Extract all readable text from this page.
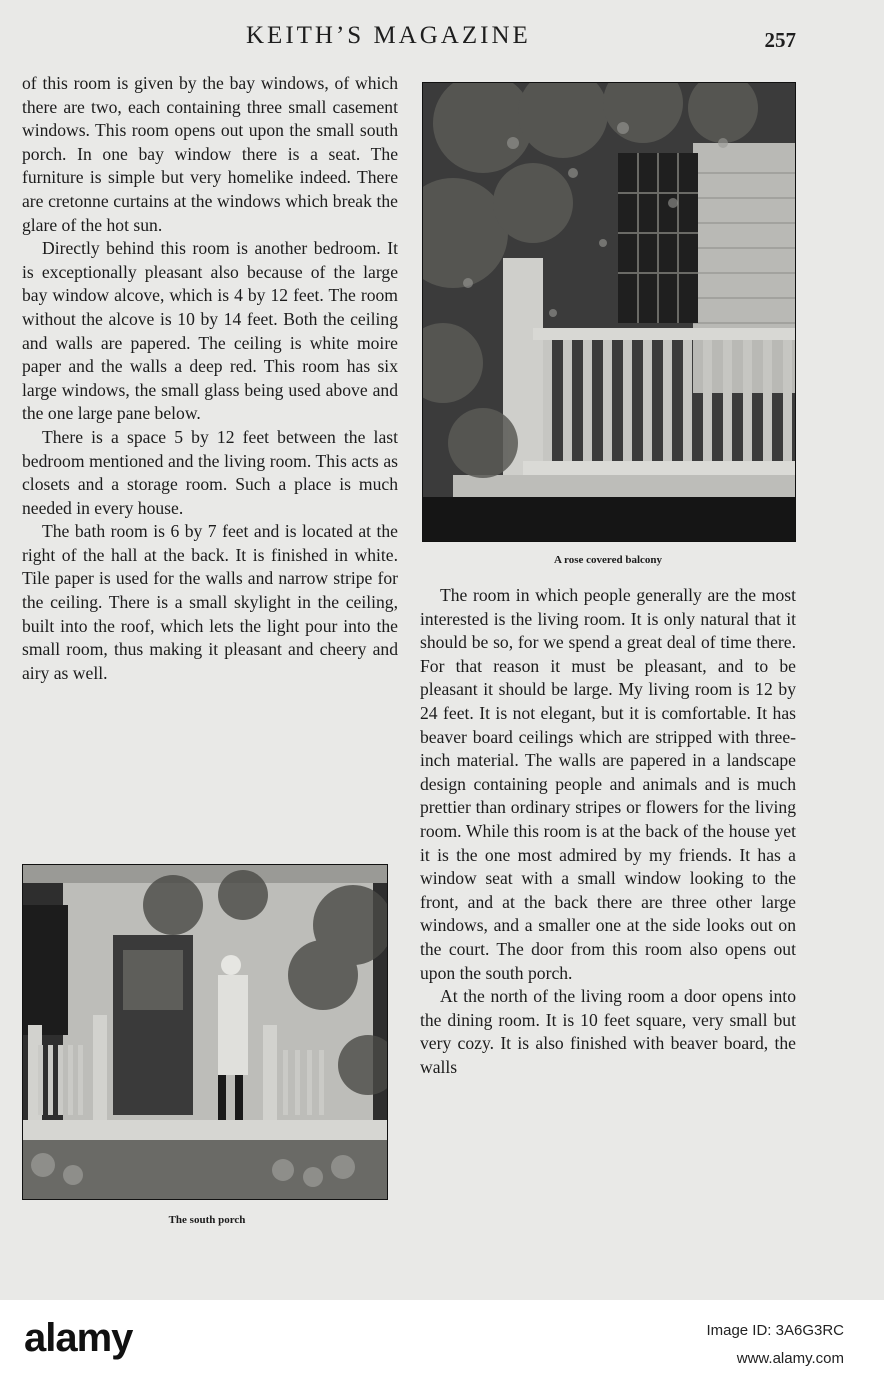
KEITH’S MAGAZINE	257

of this room is given by the bay windows, of which there are two, each containing three small casement windows. This room opens out upon the small south porch. In one bay window there is a seat. The furniture is simple but very homelike indeed. There are cretonne curtains at the windows which break the glare of the hot sun.

Directly behind this room is another bedroom. It is exceptionally pleasant also because of the large bay window alcove, which is 4 by 12 feet. The room without the alcove is 10 by 14 feet. Both the ceiling and walls are papered. The ceiling is white moire paper and the walls a deep red. This room has six large windows, the small glass being used above and the one large pane below.

There is a space 5 by 12 feet between the last bedroom mentioned and the living room. This acts as closets and a storage room. Such a place is much needed in every house.

The bath room is 6 by 7 feet and is located at the right of the hall at the back. It is finished in white. Tile paper is used for the walls and narrow stripe for the ceiling. There is a small skylight in the ceiling, built into the roof, which lets the light pour into the small room, thus making it pleasant and cheery and airy as well.

A rose covered balcony

The room in which people generally are the most interested is the living room. It is only natural that it should be so, for we spend a great deal of time there. For that reason it must be pleasant, and to be pleasant it should be large. My living room is 12 by 24 feet. It is not elegant, but it is comfortable. It has beaver board ceilings which are stripped with three-inch material. The walls are papered in a landscape design containing people and animals and is much prettier than ordinary stripes or flowers for the living room. While this room is at the back of the house yet it is the one most admired by my friends. It has a window seat with a small window looking to the front, and at the back there are three other large windows, and a smaller one at the side looks out on the court. The door from this room also opens out upon the south porch.

At the north of the living room a door opens into the dining room. It is 10 feet square, very small but very cozy. It is also finished with beaver board, the walls

The south porch
alamy	Image ID: 3A6G3RC
www.alamy.com
